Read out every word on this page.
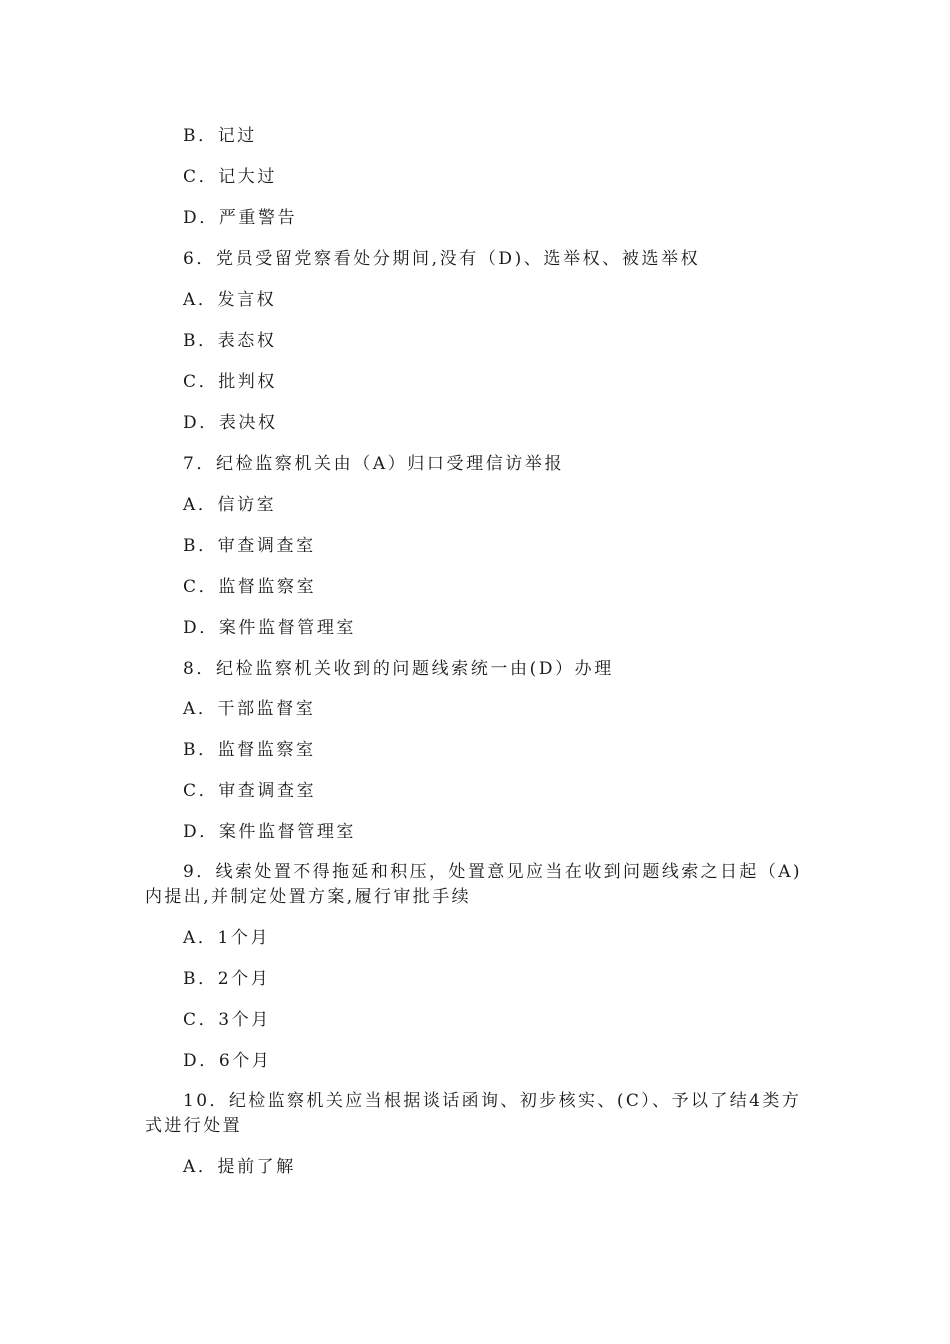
B．记过
C．记大过
D．严重警告
6．党员受留党察看处分期间,没有（D)、选举权、被选举权
A．发言权
B．表态权
C．批判权
D．表决权
7．纪检监察机关由（A）归口受理信访举报
A．信访室
B．审查调查室
C．监督监察室
D．案件监督管理室
8．纪检监察机关收到的问题线索统一由(D）办理
A．干部监督室
B．监督监察室
C．审查调查室
D．案件监督管理室
9．线索处置不得拖延和积压，处置意见应当在收到问题线索之日起（A)内提出,并制定处置方案,履行审批手续
A．1个月
B．2个月
C．3个月
D．6个月
10．纪检监察机关应当根据谈话函询、初步核实、(C）、予以了结4类方式进行处置
A．提前了解
